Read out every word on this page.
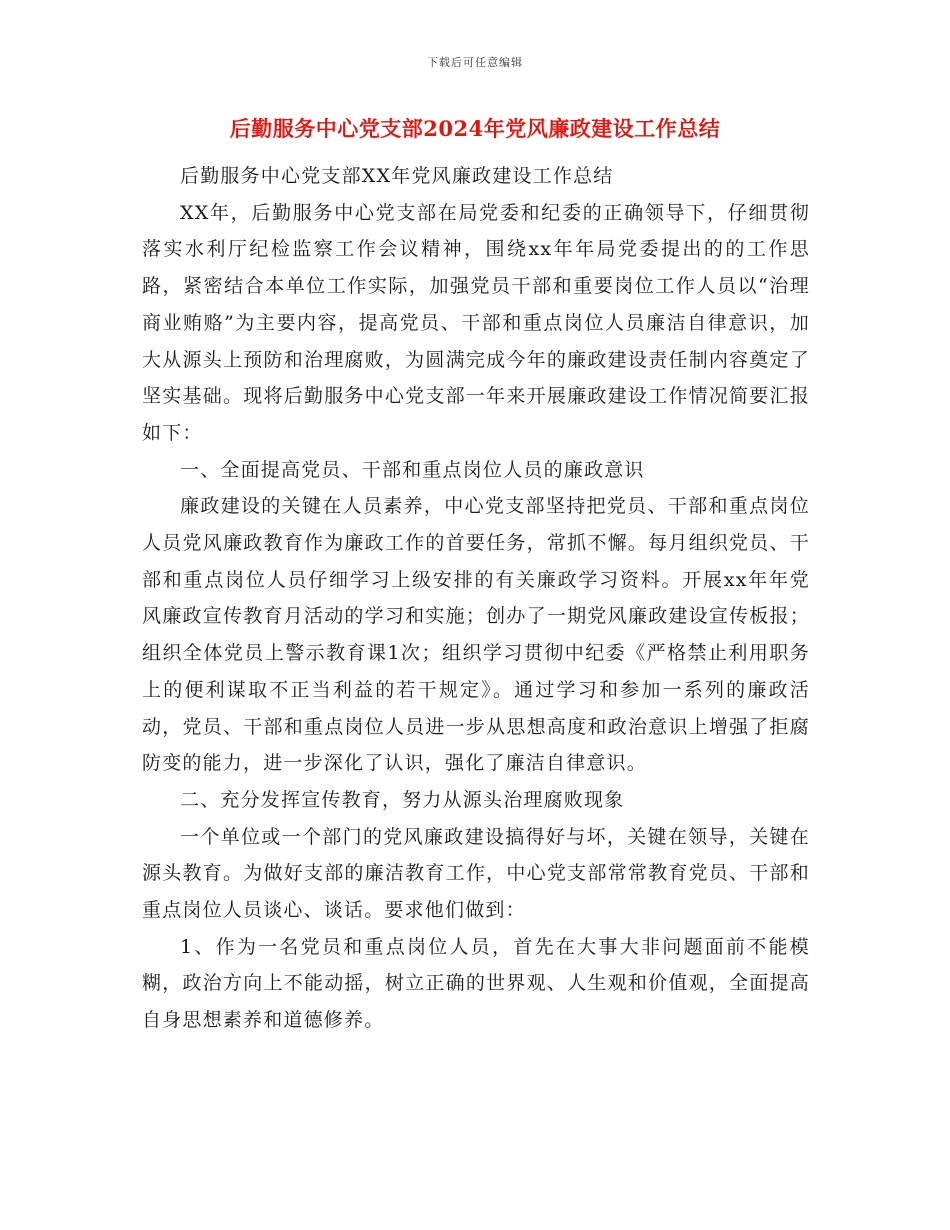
下载后可任意编辑
后勤服务中心党支部2024年党风廉政建设工作总结

后勤服务中心党支部XX年党风廉政建设工作总结

XX年，后勤服务中心党支部在局党委和纪委的正确领导下，仔细贯彻落实水利厅纪检监察工作会议精神，围绕xx年年局党委提出的的工作思路，紧密结合本单位工作实际，加强党员干部和重要岗位工作人员以“治理商业贿赂”为主要内容，提高党员、干部和重点岗位人员廉洁自律意识，加大从源头上预防和治理腐败，为圆满完成今年的廉政建设责任制内容奠定了坚实基础。现将后勤服务中心党支部一年来开展廉政建设工作情况简要汇报如下：

一、全面提高党员、干部和重点岗位人员的廉政意识

廉政建设的关键在人员素养，中心党支部坚持把党员、干部和重点岗位人员党风廉政教育作为廉政工作的首要任务，常抓不懈。每月组织党员、干部和重点岗位人员仔细学习上级安排的有关廉政学习资料。开展xx年年党风廉政宣传教育月活动的学习和实施；创办了一期党风廉政建设宣传板报；组织全体党员上警示教育课1次；组织学习贯彻中纪委《严格禁止利用职务上的便利谋取不正当利益的若干规定》。通过学习和参加一系列的廉政活动，党员、干部和重点岗位人员进一步从思想高度和政治意识上增强了拒腐防变的能力，进一步深化了认识，强化了廉洁自律意识。

二、充分发挥宣传教育，努力从源头治理腐败现象

一个单位或一个部门的党风廉政建设搞得好与坏，关键在领导，关键在源头教育。为做好支部的廉洁教育工作，中心党支部常常教育党员、干部和重点岗位人员谈心、谈话。要求他们做到：

1、作为一名党员和重点岗位人员，首先在大事大非问题面前不能模糊，政治方向上不能动摇，树立正确的世界观、人生观和价值观，全面提高自身思想素养和道德修养。
